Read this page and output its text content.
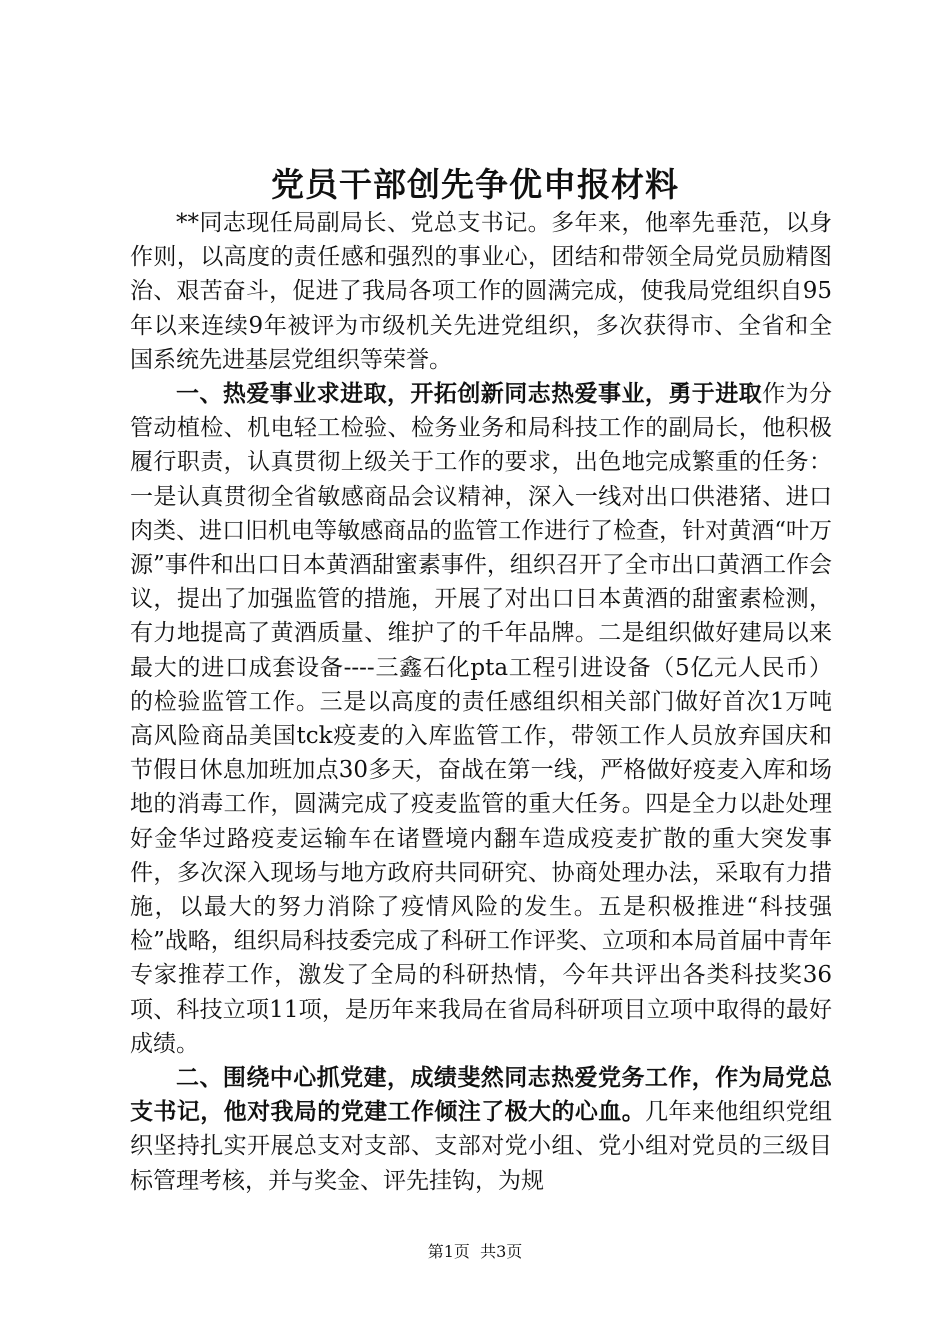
党员干部创先争优申报材料

**同志现任局副局长、党总支书记。多年来，他率先垂范，以身作则，以高度的责任感和强烈的事业心，团结和带领全局党员励精图治、艰苦奋斗，促进了我局各项工作的圆满完成，使我局党组织自95年以来连续9年被评为市级机关先进党组织，多次获得市、全省和全国系统先进基层党组织等荣誉。

一、热爱事业求进取，开拓创新同志热爱事业，勇于进取作为分管动植检、机电轻工检验、检务业务和局科技工作的副局长，他积极履行职责，认真贯彻上级关于工作的要求，出色地完成繁重的任务：一是认真贯彻全省敏感商品会议精神，深入一线对出口供港猪、进口肉类、进口旧机电等敏感商品的监管工作进行了检查，针对黄酒“叶万源”事件和出口日本黄酒甜蜜素事件，组织召开了全市出口黄酒工作会议，提出了加强监管的措施，开展了对出口日本黄酒的甜蜜素检测，有力地提高了黄酒质量、维护了的千年品牌。二是组织做好建局以来最大的进口成套设备----三鑫石化pta工程引进设备（5亿元人民币）的检验监管工作。三是以高度的责任感组织相关部门做好首次1万吨高风险商品美国tck疫麦的入库监管工作，带领工作人员放弃国庆和节假日休息加班加点30多天，奋战在第一线，严格做好疫麦入库和场地的消毒工作，圆满完成了疫麦监管的重大任务。四是全力以赴处理好金华过路疫麦运输车在诸暨境内翻车造成疫麦扩散的重大突发事件，多次深入现场与地方政府共同研究、协商处理办法，采取有力措施，以最大的努力消除了疫情风险的发生。五是积极推进“科技强检”战略，组织局科技委完成了科研工作评奖、立项和本局首届中青年专家推荐工作，激发了全局的科研热情，今年共评出各类科技奖36项、科技立项11项，是历年来我局在省局科研项目立项中取得的最好成绩。

二、围绕中心抓党建，成绩斐然同志热爱党务工作，作为局党总支书记，他对我局的党建工作倾注了极大的心血。几年来他组织党组织坚持扎实开展总支对支部、支部对党小组、党小组对党员的三级目标管理考核，并与奖金、评先挂钩，为规

第1页 共3页
